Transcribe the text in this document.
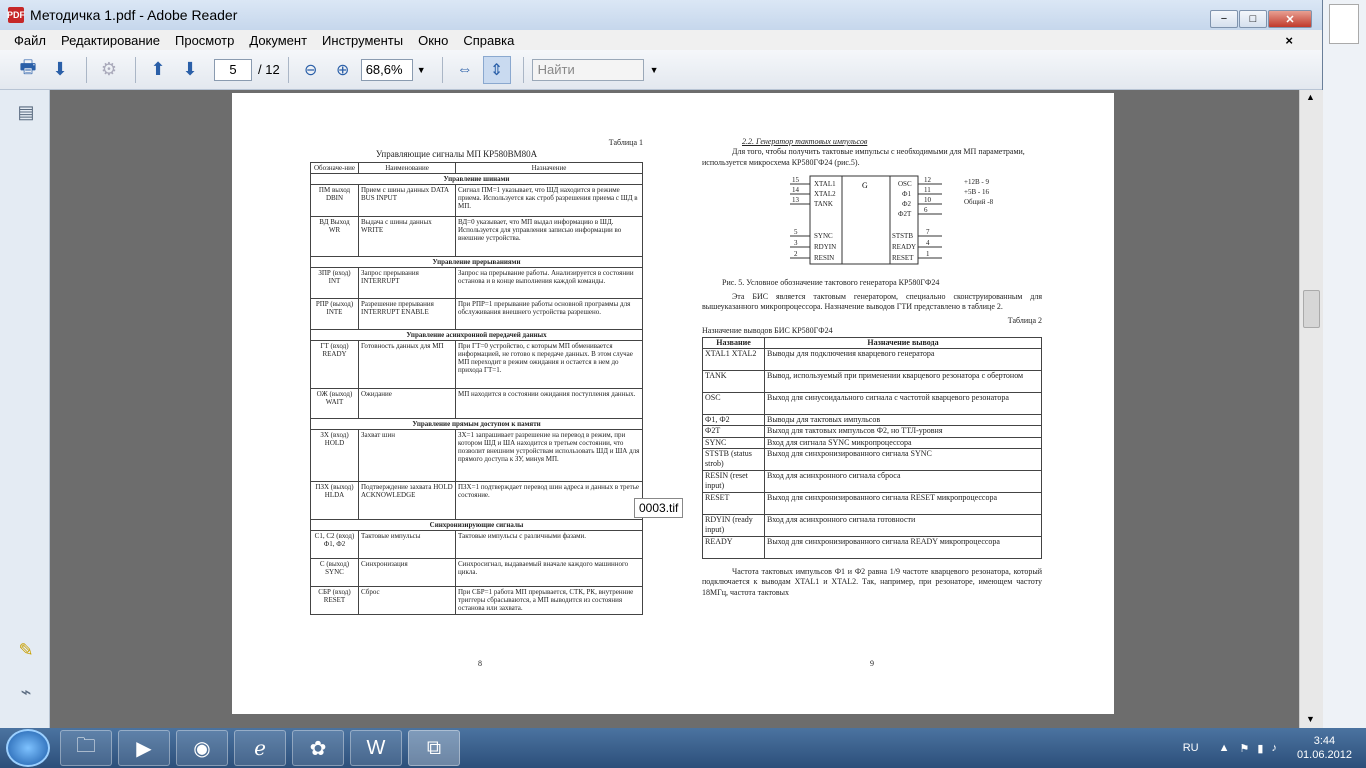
PDF Методичка 1.pdf - Adobe Reader	−	□	✕
Файл Редактирование Просмотр Документ Инструменты Окно Справка	×
🖶 ⬇	⚙	⬆ ⬇	5	/ 12	⊖	⊕	68,6%	▼	⇔	⇕	Найти	▼
▤
✎
⌁
▲
▼
Таблица 1
Управляющие сигналы МП КР580ВМ80А
Обозначе-ние	Наименование	Назначение
Управление шинами		
ПМ выход DBIN	Прием с шины данных DATA BUS INPUT	Сигнал ПМ=1 указывает, что ШД находится в режиме приема. Используется как строб разрешения приема с ШД в МП.
ВД Выход WR	Выдача с шины данных WRITE	ВД=0 указывает, что МП выдал информацию в ШД. Используется для управления записью информации во внешние устройства.
Управление прерываниями		
ЗПР (вход) INT	Запрос прерывания INTERRUPT	Запрос на прерывание работы. Анализируется в состоянии останова и в конце выполнения каждой команды.
РПР (выход) INTE	Разрешение прерывания INTERRUPT ENABLE	При РПР=1 прерывание работы основной программы для обслуживания внешнего устройства разрешено.
Управление асинхронной передачей данных		
ГТ (вход) READY	Готовность данных для МП	При ГТ=0 устройство, с которым МП обменивается информацией, не готово к передаче данных. В этом случае МП переходит в режим ожидания и остается в нем до прихода ГТ=1.
ОЖ (выход) WAIT	Ожидание	МП находится в состоянии ожидания поступления данных.
Управление прямым доступом к памяти		
ЗХ (вход) HOLD	Захват шин	ЗХ=1 запрашивает разрешение на перевод в режим, при котором ШД и ША находится в третьем состоянии, что позволит внешним устройствам использовать ШД и ША для прямого доступа к ЗУ, минуя МП.
ПЗХ (выход) HLDA	Подтверждение захвата HOLD ACKNOWLEDGE	ПЗХ=1 подтверждает перевод шин адреса и данных в третье состояние.
Синхронизирующие сигналы		
С1, С2 (вход) Ф1, Ф2	Тактовые импульсы	Тактовые импульсы с различными фазами.
С (выход) SYNC	Синхронизация	Синхросигнал, выдаваемый вначале каждого машинного цикла.
СБР (вход) RESET	Сброс	При СБР=1 работа МП прерывается, СТК, РК, внутренние триггеры сбрасываются, а МП выводится из состояния останова или захвата.
8

2.2. Генератор тактовых импульсов

Для того, чтобы получить тактовые импульсы с необходимыми для МП параметрами, используется микросхема КР580ГФ24 (рис.5).

G
XTAL1
XTAL2
TANK
SYNC
RDYIN
RESIN
15
14
13
5
3
2
OSC
Ф1
Ф2
Ф2Т
STSTB
READY
RESET
12
11
10
6
7
4
1
+12В - 9
+5В - 16
Общий -8

Рис. 5. Условное обозначение тактового генератора КР580ГФ24

Эта БИС является тактовым генератором, специально сконструированным для вышеуказанного микропроцессора. Назначение выводов ГТИ представлено в таблице 2.

Таблица 2

Назначение выводов БИС КР580ГФ24

Название	Назначение вывода
XTAL1 XTAL2	Выводы для подключения кварцевого генератора
TANK	Вывод, используемый при применении кварцевого резонатора с обертоном
OSC	Выход для синусоидального сигнала с частотой кварцевого резонатора
Ф1, Ф2	Выводы для тактовых импульсов
Ф2Т	Выход для тактовых импульсов Ф2, но ТТЛ-уровня
SYNC	Вход для сигнала SYNC микропроцессора
STSTB (status strob)	Выход для синхронизированного сигнала SYNC
RESIN (reset input)	Вход для асинхронного сигнала сброса
RESET	Выход для синхронизированного сигнала RESET микропроцессора
RDYIN (ready input)	Вход для асинхронного сигнала готовности
READY	Выход для синхронизированного сигнала READY микропроцессора

Частота тактовых импульсов Ф1 и Ф2 равна 1/9 частоте кварцевого резонатора, который подключается к выводам XTAL1 и XTAL2. Так, например, при резонаторе, имеющем частоту 18МГц, частота тактовых

9
0003.tif
🗀	▶	◉	ℯ	✿	W	⧉	RU ▲ ⚑ ▮ ♪
3:44
01.06.2012
